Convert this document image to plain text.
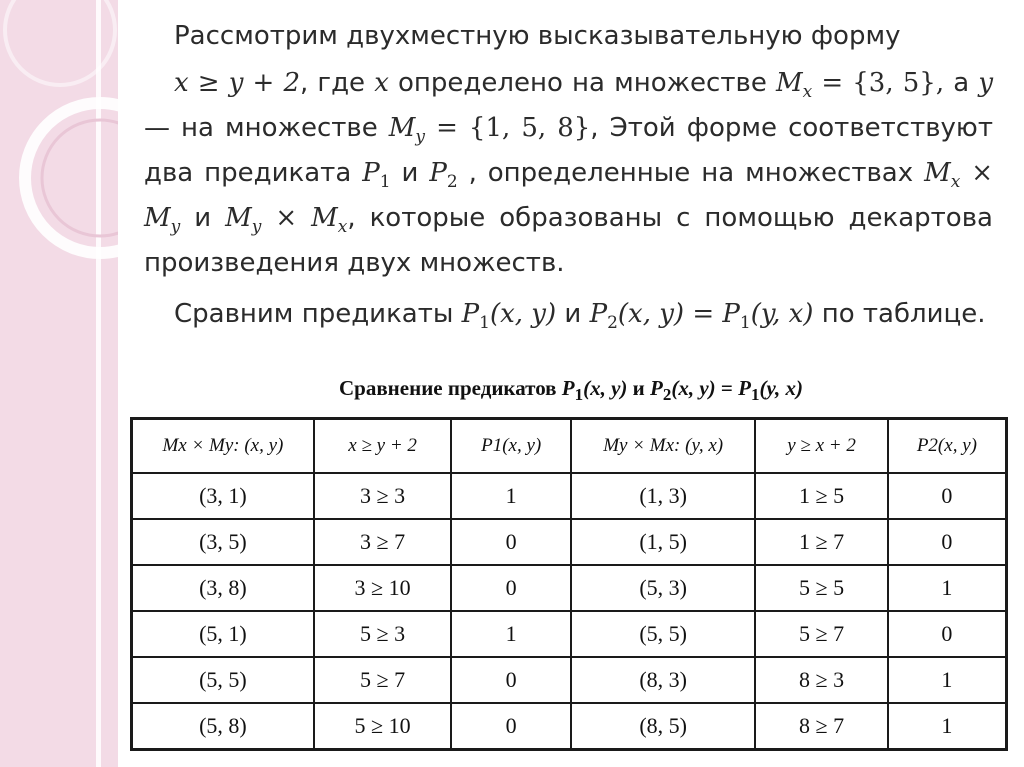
Рассмотрим двухместную высказывательную форму

x ≥ y + 2, где x определено на множестве $M_x = \{3$, 5}, а y — на множестве $M_y = \{1$, 5, 8}, Этой форме соответствуют два предиката $P_1$ и $P_2$ , определенные на множествах $M_x \times M_y$ и $M_y \times M_x$, которые образованы с помощью декартова произведения двух множеств.

Сравним предикаты $P_1(x$, y) и $P_2(x$, $y) = P_1(y$, x) по таблице.

Сравнение предикатов $P_1(x$, y) и $P_2(x$, $y) = P_1(y$, x)
Mx × My: (x, y)	x ≥ y + 2	P1(x, y)	My × Mx: (y, x)	y ≥ x + 2	P2(x, y)
(3, 1)	3 ≥ 3	1	(1, 3)	1 ≥ 5	0
(3, 5)	3 ≥ 7	0	(1, 5)	1 ≥ 7	0
(3, 8)	3 ≥ 10	0	(5, 3)	5 ≥ 5	1
(5, 1)	5 ≥ 3	1	(5, 5)	5 ≥ 7	0
(5, 5)	5 ≥ 7	0	(8, 3)	8 ≥ 3	1
(5, 8)	5 ≥ 10	0	(8, 5)	8 ≥ 7	1
